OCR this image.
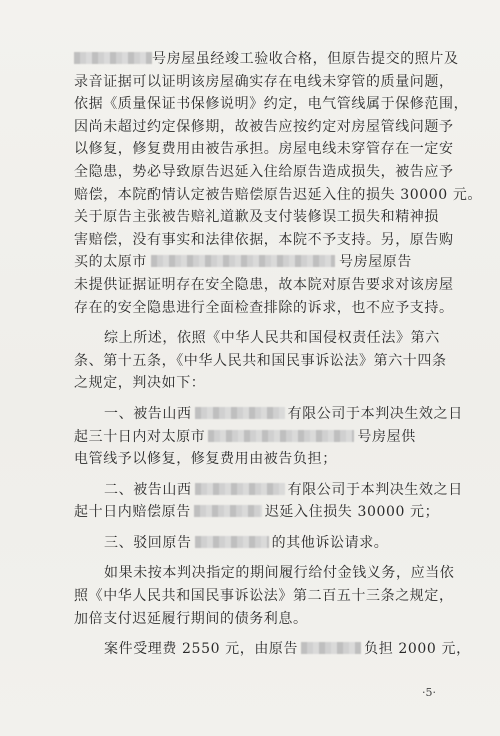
号房屋虽经竣工验收合格，但原告提交的照片及
录音证据可以证明该房屋确实存在电线未穿管的质量问题，
依据《质量保证书保修说明》约定，电气管线属于保修范围，
因尚未超过约定保修期，故被告应按约定对房屋管线问题予
以修复，修复费用由被告承担。房屋电线未穿管存在一定安
全隐患，势必导致原告迟延入住给原告造成损失，被告应予
赔偿，本院酌情认定被告赔偿原告迟延入住的损失 30000 元。
关于原告主张被告赔礼道歉及支付装修误工损失和精神损
害赔偿，没有事实和法律依据，本院不予支持。另，原告购
买的太原市	号房屋原告
未提供证据证明存在安全隐患，故本院对原告要求对该房屋
存在的安全隐患进行全面检查排除的诉求，也不应予支持。
综上所述，依照《中华人民共和国侵权责任法》第六
条、第十五条，《中华人民共和国民事诉讼法》第六十四条
之规定，判决如下：
一、被告山西	有限公司于本判决生效之日
起三十日内对太原市	号房屋供
电管线予以修复，修复费用由被告负担；
二、被告山西	有限公司于本判决生效之日
起十日内赔偿原告	迟延入住损失 30000 元；
三、驳回原告	的其他诉讼请求。
如果未按本判决指定的期间履行给付金钱义务，应当依
照《中华人民共和国民事诉讼法》第二百五十三条之规定，
加倍支付迟延履行期间的债务利息。
案件受理费 2550 元，由原告	负担 2000 元，
·5·
